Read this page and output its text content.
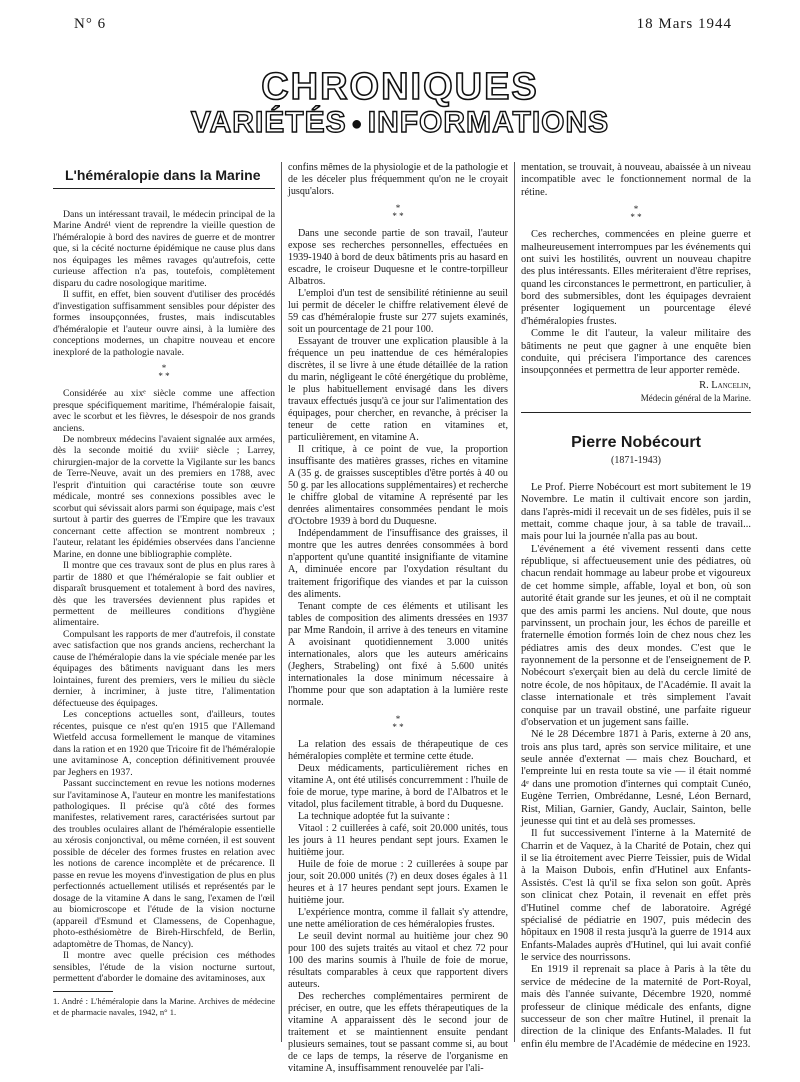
N° 6	18 Mars 1944
CHRONIQUES
VARIÉTÉS ● INFORMATIONS
L'héméralopie dans la Marine

Dans un intéressant travail, le médecin principal de la Marine André¹ vient de reprendre la vieille question de l'héméralopie à bord des navires de guerre et de montrer que, si la cécité nocturne épidémique ne cause plus dans nos équipages les mêmes ravages qu'autrefois, cette curieuse affection n'a pas, toutefois, complètement disparu du cadre nosologique maritime.

Il suffit, en effet, bien souvent d'utiliser des procédés d'investigation suffisamment sensibles pour dépister des formes insoupçonnées, frustes, mais indiscutables d'héméralopie et l'auteur ouvre ainsi, à la lumière des conceptions modernes, un chapitre nouveau et encore inexploré de la pathologie navale.

*
* *

Considérée au xixᵉ siècle comme une affection presque spécifiquement maritime, l'héméralopie faisait, avec le scorbut et les fièvres, le désespoir de nos grands anciens.

De nombreux médecins l'avaient signalée aux armées, dès la seconde moitié du xviiiᵉ siècle ; Larrey, chirurgien-major de la corvette la Vigilante sur les bancs de Terre-Neuve, avait un des premiers en 1788, avec l'esprit d'intuition qui caractérise toute son œuvre médicale, montré ses connexions possibles avec le scorbut qui sévissait alors parmi son équipage, mais c'est surtout à partir des guerres de l'Empire que les travaux concernant cette affection se montrent nombreux ; l'auteur, relatant les épidémies observées dans l'ancienne Marine, en donne une bibliographie complète.

Il montre que ces travaux sont de plus en plus rares à partir de 1880 et que l'héméralopie se fait oublier et disparaît brusquement et totalement à bord des navires, dès que les traversées deviennent plus rapides et permettent de meilleures conditions d'hygiène alimentaire.

Compulsant les rapports de mer d'autrefois, il constate avec satisfaction que nos grands anciens, recherchant la cause de l'héméralopie dans la vie spéciale menée par les équipages des bâtiments naviguant dans les mers lointaines, furent des premiers, vers le milieu du siècle dernier, à incriminer, à juste titre, l'alimentation défectueuse des équipages.

Les conceptions actuelles sont, d'ailleurs, toutes récentes, puisque ce n'est qu'en 1915 que l'Allemand Wietfeld accusa formellement le manque de vitamines dans la ration et en 1920 que Tricoire fit de l'héméralopie une avitaminose A, conception définitivement prouvée par Jeghers en 1937.

Passant succinctement en revue les notions modernes sur l'avitaminose A, l'auteur en montre les manifestations pathologiques. Il précise qu'à côté des formes manifestes, relativement rares, caractérisées surtout par des troubles oculaires allant de l'héméralopie essentielle au xérosis conjonctival, ou même cornéen, il est souvent possible de déceler des formes frustes en relation avec les notions de carence incomplète et de précarence. Il passe en revue les moyens d'investigation de plus en plus perfectionnés actuellement utilisés et représentés par le dosage de la vitamine A dans le sang, l'examen de l'œil au biomicroscope et l'étude de la vision nocturne (appareil d'Esmund et Clamessens, de Copenhague, photo-esthésiomètre de Bireh-Hirschfeld, de Berlin, adaptomètre de Thomas, de Nancy).

Il montre avec quelle précision ces méthodes sensibles, l'étude de la vision nocturne surtout, permettent d'aborder le domaine des avitaminoses, aux

confins mêmes de la physiologie et de la pathologie et de les déceler plus fréquemment qu'on ne le croyait jusqu'alors.

*
* *

Dans une seconde partie de son travail, l'auteur expose ses recherches personnelles, effectuées en 1939-1940 à bord de deux bâtiments pris au hasard en escadre, le croiseur Duquesne et le contre-torpilleur Albatros.

L'emploi d'un test de sensibilité rétinienne au seuil lui permit de déceler le chiffre relativement élevé de 59 cas d'héméralopie fruste sur 277 sujets examinés, soit un pourcentage de 21 pour 100.

Essayant de trouver une explication plausible à la fréquence un peu inattendue de ces héméralopies discrètes, il se livre à une étude détaillée de la ration du marin, négligeant le côté énergétique du problème, le plus habituellement envisagé dans les divers travaux effectués jusqu'à ce jour sur l'alimentation des équipages, pour chercher, en revanche, à préciser la teneur de cette ration en vitamines et, particulièrement, en vitamine A.

Il critique, à ce point de vue, la proportion insuffisante des matières grasses, riches en vitamine A (35 g. de graisses susceptibles d'être portés à 40 ou 50 g. par les allocations supplémentaires) et recherche le chiffre global de vitamine A représenté par les denrées alimentaires consommées pendant le mois d'Octobre 1939 à bord du Duquesne.

Indépendamment de l'insuffisance des graisses, il montre que les autres denrées consommées à bord n'apportent qu'une quantité insignifiante de vitamine A, diminuée encore par l'oxydation résultant du traitement frigorifique des viandes et par la cuisson des aliments.

Tenant compte de ces éléments et utilisant les tables de composition des aliments dressées en 1937 par Mme Randoin, il arrive à des teneurs en vitamine A avoisinant quotidiennement 3.000 unités internationales, alors que les auteurs américains (Jeghers, Strabeling) ont fixé à 5.600 unités internationales la dose minimum nécessaire à l'homme pour que son adaptation à la lumière reste normale.

*
* *

La relation des essais de thérapeutique de ces héméralopies complète et termine cette étude.

Deux médicaments, particulièrement riches en vitamine A, ont été utilisés concurremment : l'huile de foie de morue, type marine, à bord de l'Albatros et le vitadol, plus facilement titrable, à bord du Duquesne.

La technique adoptée fut la suivante :

Vitaol : 2 cuillerées à café, soit 20.000 unités, tous les jours à 11 heures pendant sept jours. Examen le huitième jour.

Huile de foie de morue : 2 cuillerées à soupe par jour, soit 20.000 unités (?) en deux doses égales à 11 heures et à 17 heures pendant sept jours. Examen le huitième jour.

L'expérience montra, comme il fallait s'y attendre, une nette amélioration de ces héméralopies frustes.

Le seuil devint normal au huitième jour chez 90 pour 100 des sujets traités au vitaol et chez 72 pour 100 des marins soumis à l'huile de foie de morue, résultats comparables à ceux que rapportent divers auteurs.

Des recherches complémentaires permirent de préciser, en outre, que les effets thérapeutiques de la vitamine A apparaissent dès le second jour de traitement et se maintiennent ensuite pendant plusieurs semaines, tout se passant comme si, au bout de ce laps de temps, la réserve de l'organisme en vitamine A, insuffisamment renouvelée par l'ali-

mentation, se trouvait, à nouveau, abaissée à un niveau incompatible avec le fonctionnement normal de la rétine.

*
* *

Ces recherches, commencées en pleine guerre et malheureusement interrompues par les événements qui ont suivi les hostilités, ouvrent un nouveau chapitre des plus intéressants. Elles mériteraient d'être reprises, quand les circonstances le permettront, en particulier, à bord des submersibles, dont les équipages devraient présenter logiquement un pourcentage élevé d'héméralopies frustes.

Comme le dit l'auteur, la valeur militaire des bâtiments ne peut que gagner à une enquête bien conduite, qui précisera l'importance des carences insoupçonnées et permettra de leur apporter remède.

R. Lancelin,
Médecin général de la Marine.
Pierre Nobécourt
(1871-1943)

Le Prof. Pierre Nobécourt est mort subitement le 19 Novembre. Le matin il cultivait encore son jardin, dans l'après-midi il recevait un de ses fidèles, puis il se mettait, comme chaque jour, à sa table de travail... mais pour lui la journée n'alla pas au bout.

L'événement a été vivement ressenti dans cette république, si affectueusement unie des pédiatres, où chacun rendait hommage au labeur probe et vigoureux de cet homme simple, affable, loyal et bon, où son autorité était grande sur les jeunes, et où il ne comptait que des amis parmi les anciens. Nul doute, que nous parvinssent, un prochain jour, les échos de pareille et fraternelle émotion formés loin de chez nous chez les pédiatres amis des deux mondes. C'est que le rayonnement de la personne et de l'enseignement de P. Nobécourt s'exerçait bien au delà du cercle limité de notre école, de nos hôpitaux, de l'Académie. Il avait la classe internationale et très simplement l'avait conquise par un travail obstiné, une parfaite rigueur d'observation et un jugement sans faille.

Né le 28 Décembre 1871 à Paris, externe à 20 ans, trois ans plus tard, après son service militaire, et une seule année d'externat — mais chez Bouchard, et l'empreinte lui en resta toute sa vie — il était nommé 4ᵉ dans une promotion d'internes qui comptait Cunéo, Eugène Terrien, Ombrédanne, Lesné, Léon Bernard, Rist, Milian, Garnier, Gandy, Auclair, Sainton, belle jeunesse qui tint et au delà ses promesses.

Il fut successivement l'interne à la Maternité de Charrin et de Vaquez, à la Charité de Potain, chez qui il se lia étroitement avec Pierre Teissier, puis de Widal à la Maison Dubois, enfin d'Hutinel aux Enfants-Assistés. C'est là qu'il se fixa selon son goût. Après son clinicat chez Potain, il revenait en effet près d'Hutinel comme chef de laboratoire. Agrégé spécialisé de pédiatrie en 1907, puis médecin des hôpitaux en 1908 il resta jusqu'à la guerre de 1914 aux Enfants-Malades auprès d'Hutinel, qui lui avait confié le service des nourrissons.

En 1919 il reprenait sa place à Paris à la tête du service de médecine de la maternité de Port-Royal, mais dès l'année suivante, Décembre 1920, nommé professeur de clinique médicale des enfants, digne successeur de son cher maître Hutinel, il prenait la direction de la clinique des Enfants-Malades. Il fut enfin élu membre de l'Académie de médecine en 1923.

1. André : L'héméralopie dans la Marine. Archives de médecine et de pharmacie navales, 1942, n° 1.
